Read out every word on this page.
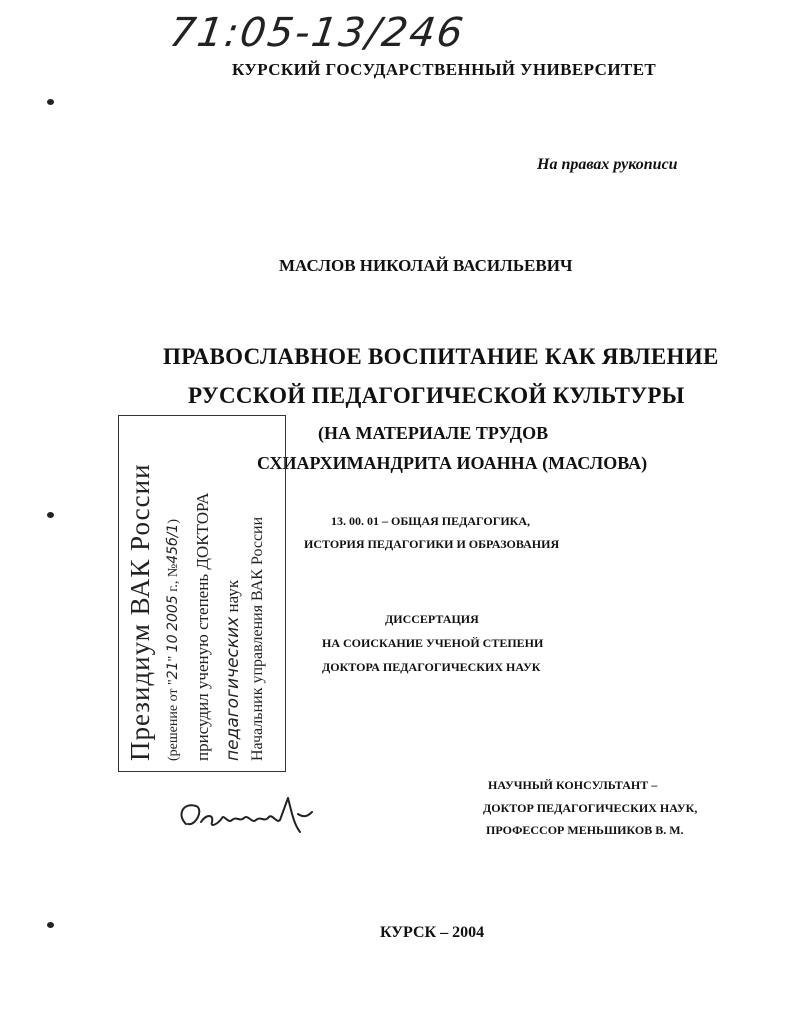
71:05-13/246
КУРСКИЙ ГОСУДАРСТВЕННЫЙ УНИВЕРСИТЕТ
На правах рукописи
МАСЛОВ НИКОЛАЙ ВАСИЛЬЕВИЧ
ПРАВОСЛАВНОЕ ВОСПИТАНИЕ КАК ЯВЛЕНИЕ
РУССКОЙ ПЕДАГОГИЧЕСКОЙ КУЛЬТУРЫ
(НА МАТЕРИАЛЕ ТРУДОВ
СХИАРХИМАНДРИТА ИОАННА (МАСЛОВА)
13. 00. 01 – ОБЩАЯ ПЕДАГОГИКА,
ИСТОРИЯ ПЕДАГОГИКИ И ОБРАЗОВАНИЯ
ДИССЕРТАЦИЯ
НА СОИСКАНИЕ УЧЕНОЙ СТЕПЕНИ
ДОКТОРА ПЕДАГОГИЧЕСКИХ НАУК
НАУЧНЫЙ КОНСУЛЬТАНТ –
ДОКТОР ПЕДАГОГИЧЕСКИХ НАУК,
ПРОФЕССОР МЕНЬШИКОВ В. М.
КУРСК – 2004
Президиум ВАК России (решение от "21" 10 2005 г., №45б/1) присудил ученую степень ДОКТОРА педагогических наук Начальник управления ВАК России
